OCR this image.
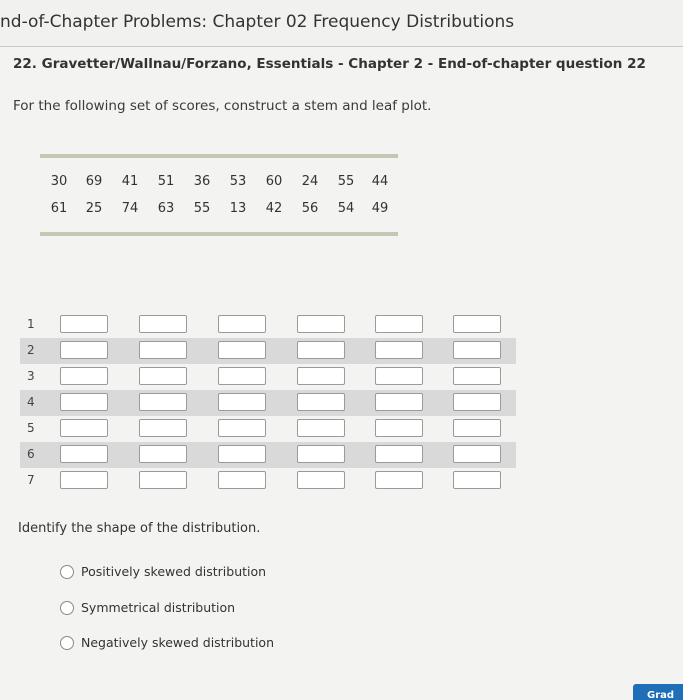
nd-of-Chapter Problems: Chapter 02 Frequency Distributions
22. Gravetter/Wallnau/Forzano, Essentials - Chapter 2 - End-of-chapter question 22
For the following set of scores, construct a stem and leaf plot.
30	69	41	51	36	53	60	24	55	44
61	25	74	63	55	13	42	56	54	49
1
2
3
4
5
6
7
Identify the shape of the distribution.
Positively skewed distribution
Symmetrical distribution
Negatively skewed distribution
Grad
